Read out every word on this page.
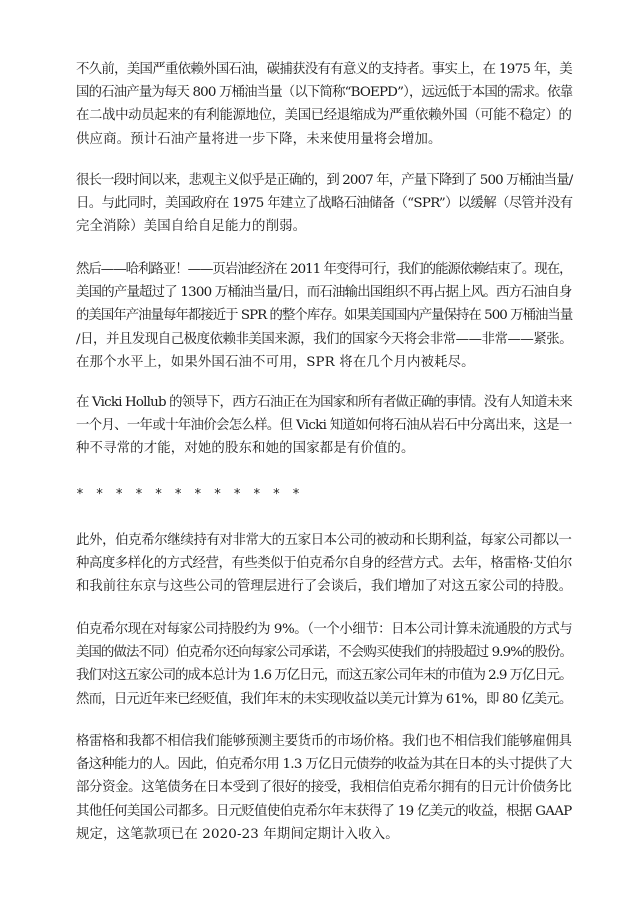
不久前，美国严重依赖外国石油，碳捕获没有有意义的支持者。事实上，在 1975 年，美
国的石油产量为每天 800 万桶油当量（以下简称“BOEPD”），远远低于本国的需求。依靠
在二战中动员起来的有利能源地位，美国已经退缩成为严重依赖外国（可能不稳定）的
供应商。预计石油产量将进一步下降，未来使用量将会增加。

很长一段时间以来，悲观主义似乎是正确的，到 2007 年，产量下降到了 500 万桶油当量/
日。与此同时，美国政府在 1975 年建立了战略石油储备（“SPR”）以缓解（尽管并没有
完全消除）美国自给自足能力的削弱。

然后——哈利路亚！——页岩油经济在 2011 年变得可行，我们的能源依赖结束了。现在，
美国的产量超过了 1300 万桶油当量/日，而石油输出国组织不再占据上风。西方石油自身
的美国年产油量每年都接近于 SPR 的整个库存。如果美国国内产量保持在 500 万桶油当量
/日，并且发现自己极度依赖非美国来源，我们的国家今天将会非常——非常——紧张。
在那个水平上，如果外国石油不可用，SPR 将在几个月内被耗尽。

在 Vicki Hollub 的领导下，西方石油正在为国家和所有者做正确的事情。没有人知道未来
一个月、一年或十年油价会怎么样。但 Vicki 知道如何将石油从岩石中分离出来，这是一
种不寻常的才能，对她的股东和她的国家都是有价值的。

* * * * * * * * * * * *

此外，伯克希尔继续持有对非常大的五家日本公司的被动和长期利益，每家公司都以一
种高度多样化的方式经营，有些类似于伯克希尔自身的经营方式。去年，格雷格·艾伯尔
和我前往东京与这些公司的管理层进行了会谈后，我们增加了对这五家公司的持股。

伯克希尔现在对每家公司持股约为 9%。（一个小细节：日本公司计算未流通股的方式与
美国的做法不同）伯克希尔还向每家公司承诺，不会购买使我们的持股超过 9.9%的股份。
我们对这五家公司的成本总计为 1.6 万亿日元，而这五家公司年末的市值为 2.9 万亿日元。
然而，日元近年来已经贬值，我们年末的未实现收益以美元计算为 61%，即 80 亿美元。

格雷格和我都不相信我们能够预测主要货币的市场价格。我们也不相信我们能够雇佣具
备这种能力的人。因此，伯克希尔用 1.3 万亿日元债券的收益为其在日本的头寸提供了大
部分资金。这笔债务在日本受到了很好的接受，我相信伯克希尔拥有的日元计价债务比
其他任何美国公司都多。日元贬值使伯克希尔年末获得了 19 亿美元的收益，根据 GAAP
规定，这笔款项已在 2020-23 年期间定期计入收入。
